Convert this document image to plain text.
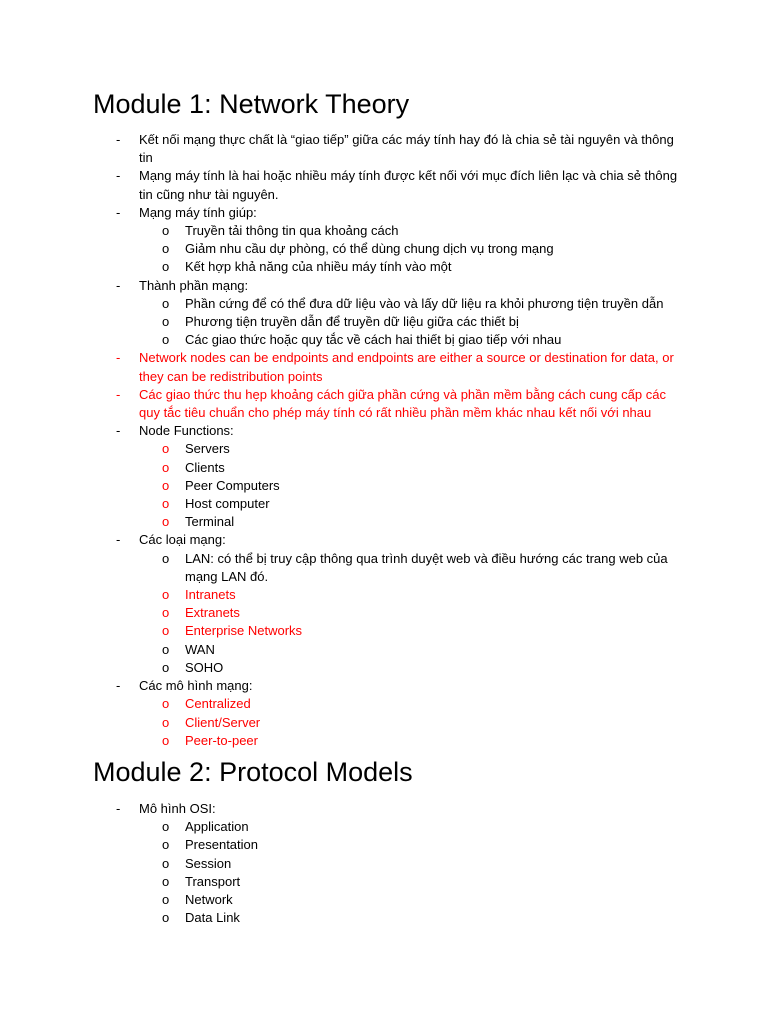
Module 1: Network Theory
- Kết nối mạng thực chất là “giao tiếp” giữa các máy tính hay đó là chia sẻ tài nguyên và thông tin
- Mạng máy tính là hai hoặc nhiều máy tính được kết nối với mục đích liên lạc và chia sẻ thông tin cũng như tài nguyên.
- Mạng máy tính giúp:
o Truyền tải thông tin qua khoảng cách
o Giảm nhu cầu dự phòng, có thể dùng chung dịch vụ trong mạng
o Kết hợp khả năng của nhiều máy tính vào một
- Thành phần mạng:
o Phần cứng để có thể đưa dữ liệu vào và lấy dữ liệu ra khỏi phương tiện truyền dẫn
o Phương tiện truyền dẫn để truyền dữ liệu giữa các thiết bị
o Các giao thức hoặc quy tắc về cách hai thiết bị giao tiếp với nhau
- Network nodes can be endpoints and endpoints are either a source or destination for data, or they can be redistribution points
- Các giao thức thu hẹp khoảng cách giữa phần cứng và phần mềm bằng cách cung cấp các quy tắc tiêu chuẩn cho phép máy tính có rất nhiều phần mềm khác nhau kết nối với nhau
- Node Functions:
o Servers
o Clients
o Peer Computers
o Host computer
o Terminal
- Các loại mạng:
o LAN: có thể bị truy cập thông qua trình duyệt web và điều hướng các trang web của mạng LAN đó.
o Intranets
o Extranets
o Enterprise Networks
o WAN
o SOHO
- Các mô hình mạng:
o Centralized
o Client/Server
o Peer-to-peer
Module 2: Protocol Models
- Mô hình OSI:
o Application
o Presentation
o Session
o Transport
o Network
o Data Link
